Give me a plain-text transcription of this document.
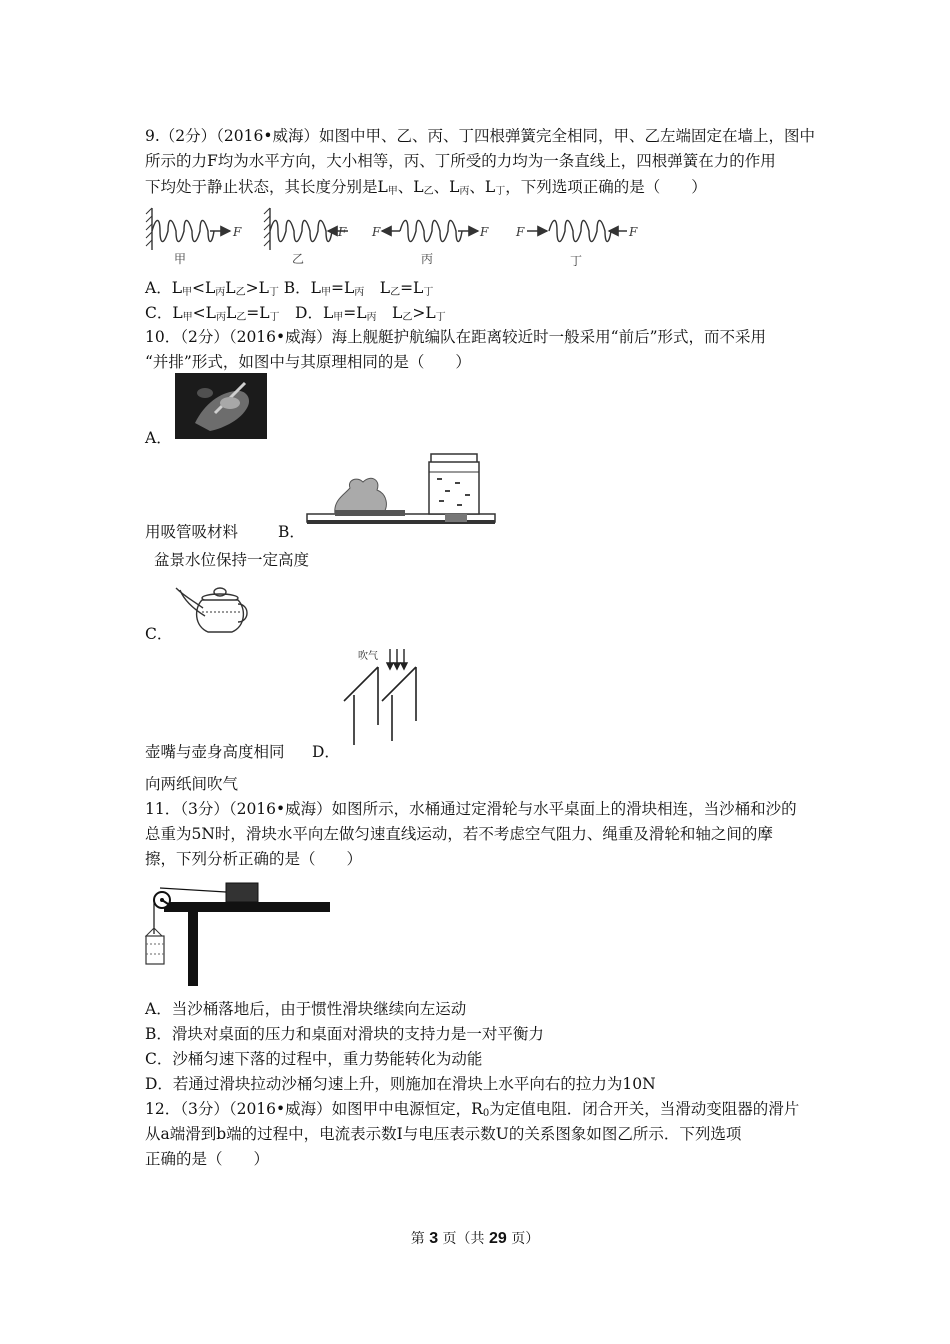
9.（2分）（2016•威海）如图中甲、乙、丙、丁四根弹簧完全相同，甲、乙左端固定在墙上，图中
所示的力F均为水平方向，大小相等，丙、丁所受的力均为一条直线上，四根弹簧在力的作用
下均处于静止状态，其长度分别是$L_甲$、$L_乙$、$L_丙$、$L_丁$，下列选项正确的是（　　）
F	F F	F F	F
甲	乙	丙	丁
A．$L_甲<L_丙L_乙>L_丁$ B．$L_甲=L_丙$　$L_乙=L_丁$
C．$L_甲<L_丙L_乙=L_丁$　D．$L_甲=L_丙$　$L_乙>L_丁$
10．（2分）（2016•威海）海上舰艇护航编队在距离较近时一般采用“前后”形式，而不采用
“并排”形式，如图中与其原理相同的是（　　）
A．
用吸管吸材料	B．
盆景水位保持一定高度
C．
吹气
壶嘴与壶身高度相同 D．
向两纸间吹气
11．（3分）（2016•威海）如图所示，水桶通过定滑轮与水平桌面上的滑块相连，当沙桶和沙的
总重为5N时，滑块水平向左做匀速直线运动，若不考虑空气阻力、绳重及滑轮和轴之间的摩
擦，下列分析正确的是（　　）
A．当沙桶落地后，由于惯性滑块继续向左运动
B．滑块对桌面的压力和桌面对滑块的支持力是一对平衡力
C．沙桶匀速下落的过程中，重力势能转化为动能
D．若通过滑块拉动沙桶匀速上升，则施加在滑块上水平向右的拉力为10N
12．（3分）（2016•威海）如图甲中电源恒定，$R_0$为定值电阻．闭合开关，当滑动变阻器的滑片
从a端滑到b端的过程中，电流表示数I与电压表示数U的关系图象如图乙所示．下列选项
正确的是（　　）
第 3 页（共 29 页）
